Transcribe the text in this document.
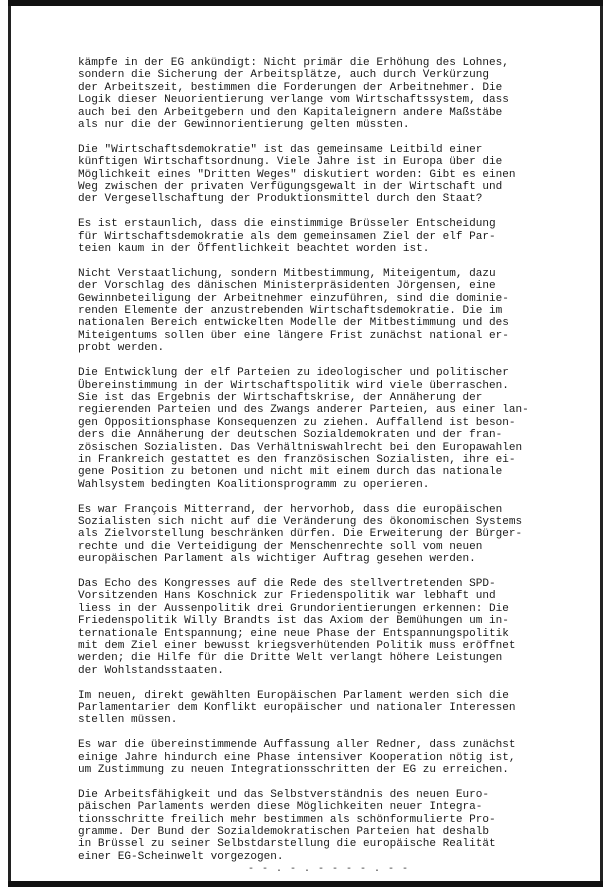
kämpfe in der EG ankündigt: Nicht primär die Erhöhung des Lohnes,
sondern die Sicherung der Arbeitsplätze, auch durch Verkürzung
der Arbeitszeit, bestimmen die Forderungen der Arbeitnehmer. Die
Logik dieser Neuorientierung verlange vom Wirtschaftssystem, dass
auch bei den Arbeitgebern und den Kapitaleignern andere Maßstäbe
als nur die der Gewinnorientierung gelten müssten.
Die "Wirtschaftsdemokratie" ist das gemeinsame Leitbild einer
künftigen Wirtschaftsordnung. Viele Jahre ist in Europa über die
Möglichkeit eines "Dritten Weges" diskutiert worden: Gibt es einen
Weg zwischen der privaten Verfügungsgewalt in der Wirtschaft und
der Vergesellschaftung der Produktionsmittel durch den Staat?
Es ist erstaunlich, dass die einstimmige Brüsseler Entscheidung
für Wirtschaftsdemokratie als dem gemeinsamen Ziel der elf Par-
teien kaum in der Öffentlichkeit beachtet worden ist.
Nicht Verstaatlichung, sondern Mitbestimmung, Miteigentum, dazu
der Vorschlag des dänischen Ministerpräsidenten Jörgensen, eine
Gewinnbeteiligung der Arbeitnehmer einzuführen, sind die dominie-
renden Elemente der anzustrebenden Wirtschaftsdemokratie. Die im
nationalen Bereich entwickelten Modelle der Mitbestimmung und des
Miteigentums sollen über eine längere Frist zunächst national er-
probt werden.
Die Entwicklung der elf Parteien zu ideologischer und politischer
Übereinstimmung in der Wirtschaftspolitik wird viele überraschen.
Sie ist das Ergebnis der Wirtschaftskrise, der Annäherung der
regierenden Parteien und des Zwangs anderer Parteien, aus einer lan-
gen Oppositionsphase Konsequenzen zu ziehen. Auffallend ist beson-
ders die Annäherung der deutschen Sozialdemokraten und der fran-
zösischen Sozialisten. Das Verhältniswahlrecht bei den Europawahlen
in Frankreich gestattet es den französischen Sozialisten, ihre ei-
gene Position zu betonen und nicht mit einem durch das nationale
Wahlsystem bedingten Koalitionsprogramm zu operieren.
Es war François Mitterrand, der hervorhob, dass die europäischen
Sozialisten sich nicht auf die Veränderung des ökonomischen Systems
als Zielvorstellung beschränken dürfen. Die Erweiterung der Bürger-
rechte und die Verteidigung der Menschenrechte soll vom neuen
europäischen Parlament als wichtiger Auftrag gesehen werden.
Das Echo des Kongresses auf die Rede des stellvertretenden SPD-
Vorsitzenden Hans Koschnick zur Friedenspolitik war lebhaft und
liess in der Aussenpolitik drei Grundorientierungen erkennen: Die
Friedenspolitik Willy Brandts ist das Axiom der Bemühungen um in-
ternationale Entspannung; eine neue Phase der Entspannungspolitik
mit dem Ziel einer bewusst kriegsverhütenden Politik muss eröffnet
werden; die Hilfe für die Dritte Welt verlangt höhere Leistungen
der Wohlstandsstaaten.
Im neuen, direkt gewählten Europäischen Parlament werden sich die
Parlamentarier dem Konflikt europäischer und nationaler Interessen
stellen müssen.
Es war die übereinstimmende Auffassung aller Redner, dass zunächst
einige Jahre hindurch eine Phase intensiver Kooperation nötig ist,
um Zustimmung zu neuen Integrationsschritten der EG zu erreichen.
Die Arbeitsfähigkeit und das Selbstverständnis des neuen Euro-
päischen Parlaments werden diese Möglichkeiten neuer Integra-
tionsschritte freilich mehr bestimmen als schönformulierte Pro-
gramme. Der Bund der Sozialdemokratischen Parteien hat deshalb
in Brüssel zu seiner Selbstdarstellung die europäische Realität
einer EG-Scheinwelt vorgezogen.
- - . - . - - - - . - -
